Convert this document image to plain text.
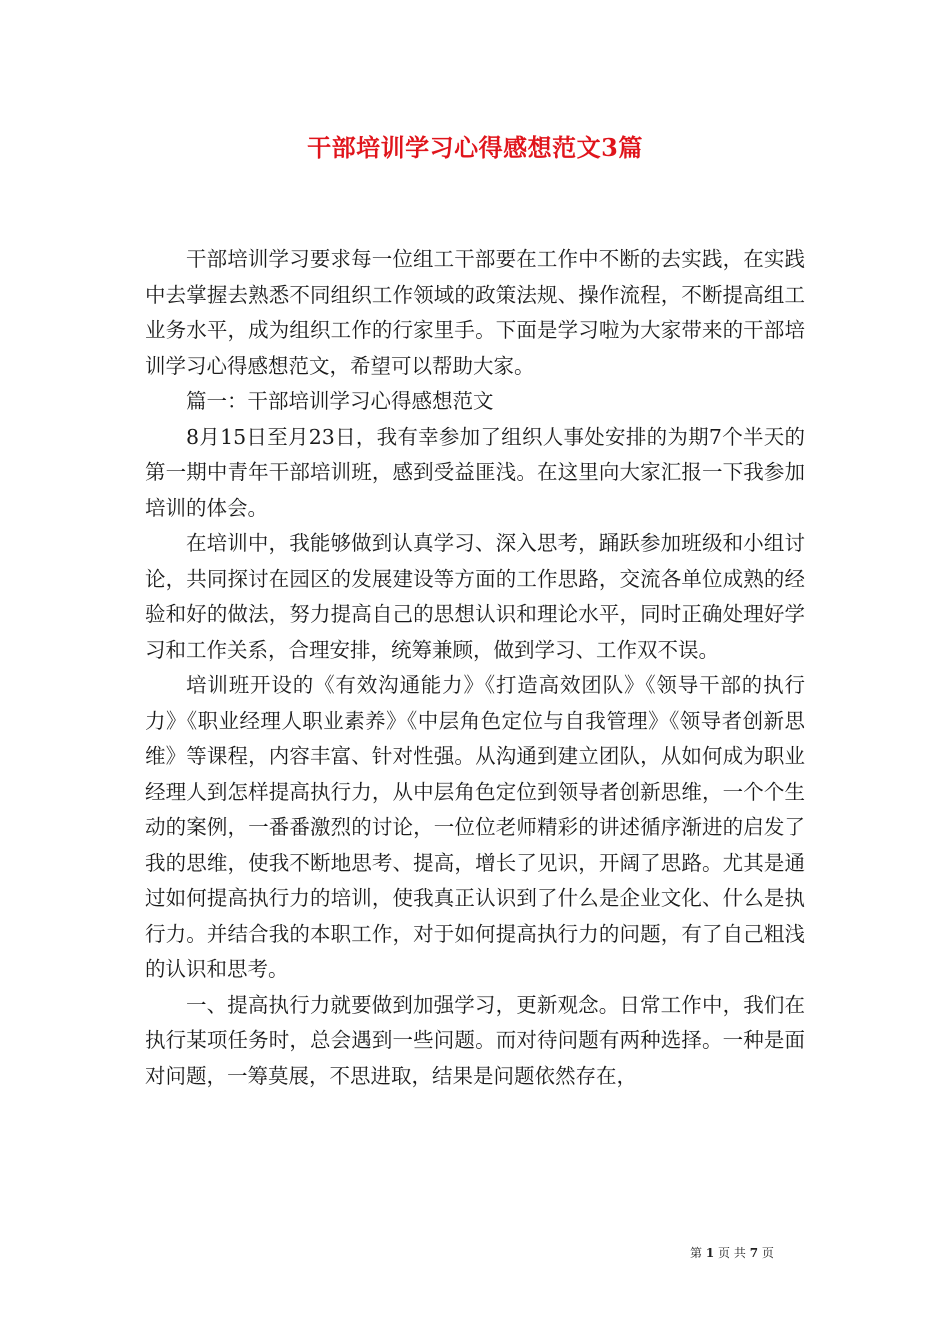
干部培训学习心得感想范文3篇

干部培训学习要求每一位组工干部要在工作中不断的去实践，在实践中去掌握去熟悉不同组织工作领域的政策法规、操作流程，不断提高组工业务水平，成为组织工作的行家里手。下面是学习啦为大家带来的干部培训学习心得感想范文，希望可以帮助大家。

篇一：干部培训学习心得感想范文

8月15日至月23日，我有幸参加了组织人事处安排的为期7个半天的第一期中青年干部培训班，感到受益匪浅。在这里向大家汇报一下我参加培训的体会。

在培训中，我能够做到认真学习、深入思考，踊跃参加班级和小组讨论，共同探讨在园区的发展建设等方面的工作思路，交流各单位成熟的经验和好的做法，努力提高自己的思想认识和理论水平，同时正确处理好学习和工作关系，合理安排，统筹兼顾，做到学习、工作双不误。

培训班开设的《有效沟通能力》《打造高效团队》《领导干部的执行力》《职业经理人职业素养》《中层角色定位与自我管理》《领导者创新思维》等课程，内容丰富、针对性强。从沟通到建立团队，从如何成为职业经理人到怎样提高执行力，从中层角色定位到领导者创新思维，一个个生动的案例，一番番激烈的讨论，一位位老师精彩的讲述循序渐进的启发了我的思维，使我不断地思考、提高，增长了见识，开阔了思路。尤其是通过如何提高执行力的培训，使我真正认识到了什么是企业文化、什么是执行力。并结合我的本职工作，对于如何提高执行力的问题，有了自己粗浅的认识和思考。

一、提高执行力就要做到加强学习，更新观念。日常工作中，我们在执行某项任务时，总会遇到一些问题。而对待问题有两种选择。一种是面对问题，一筹莫展，不思进取，结果是问题依然存在，

第 1 页 共 7 页
